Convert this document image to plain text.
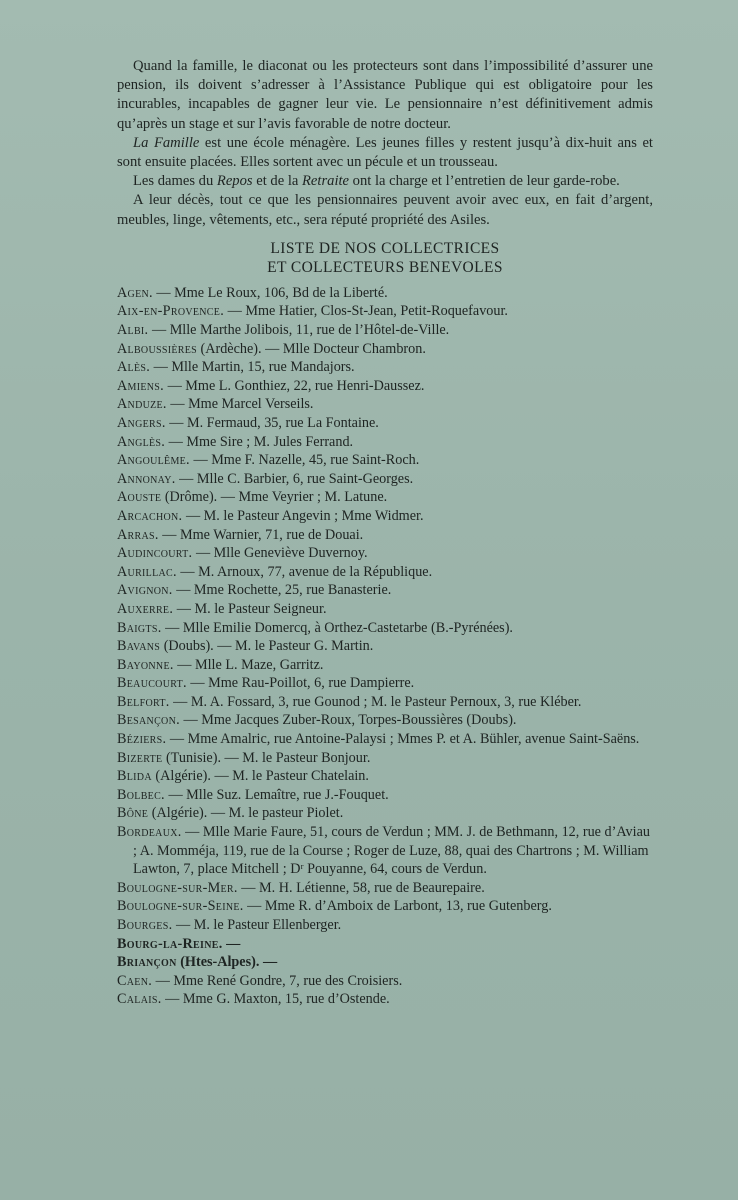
Quand la famille, le diaconat ou les protecteurs sont dans l’impossibilité d’assurer une pension, ils doivent s’adresser à l’Assistance Publique qui est obligatoire pour les incurables, incapables de gagner leur vie. Le pensionnaire n’est définitivement admis qu’après un stage et sur l’avis favorable de notre docteur.

La Famille est une école ménagère. Les jeunes filles y restent jusqu’à dix-huit ans et sont ensuite placées. Elles sortent avec un pécule et un trousseau.

Les dames du Repos et de la Retraite ont la charge et l’entretien de leur garde-robe.

A leur décès, tout ce que les pensionnaires peuvent avoir avec eux, en fait d’argent, meubles, linge, vêtements, etc., sera réputé propriété des Asiles.

LISTE DE NOS COLLECTRICES
ET COLLECTEURS BENEVOLES
Agen. — Mme Le Roux, 106, Bd de la Liberté.
Aix-en-Provence. — Mme Hatier, Clos-St-Jean, Petit-Roquefavour.
Albi. — Mlle Marthe Jolibois, 11, rue de l’Hôtel-de-Ville.
Alboussières (Ardèche). — Mlle Docteur Chambron.
Alès. — Mlle Martin, 15, rue Mandajors.
Amiens. — Mme L. Gonthiez, 22, rue Henri-Daussez.
Anduze. — Mme Marcel Verseils.
Angers. — M. Fermaud, 35, rue La Fontaine.
Anglès. — Mme Sire ; M. Jules Ferrand.
Angoulême. — Mme F. Nazelle, 45, rue Saint-Roch.
Annonay. — Mlle C. Barbier, 6, rue Saint-Georges.
Aouste (Drôme). — Mme Veyrier ; M. Latune.
Arcachon. — M. le Pasteur Angevin ; Mme Widmer.
Arras. — Mme Warnier, 71, rue de Douai.
Audincourt. — Mlle Geneviève Duvernoy.
Aurillac. — M. Arnoux, 77, avenue de la République.
Avignon. — Mme Rochette, 25, rue Banasterie.
Auxerre. — M. le Pasteur Seigneur.
Baigts. — Mlle Emilie Domercq, à Orthez-Castetarbe (B.-Pyrénées).
Bavans (Doubs). — M. le Pasteur G. Martin.
Bayonne. — Mlle L. Maze, Garritz.
Beaucourt. — Mme Rau-Poillot, 6, rue Dampierre.
Belfort. — M. A. Fossard, 3, rue Gounod ; M. le Pasteur Pernoux, 3, rue Kléber.
Besançon. — Mme Jacques Zuber-Roux, Torpes-Boussières (Doubs).
Béziers. — Mme Amalric, rue Antoine-Palaysi ; Mmes P. et A. Bühler, avenue Saint-Saëns.
Bizerte (Tunisie). — M. le Pasteur Bonjour.
Blida (Algérie). — M. le Pasteur Chatelain.
Bolbec. — Mlle Suz. Lemaître, rue J.-Fouquet.
Bône (Algérie). — M. le pasteur Piolet.
Bordeaux. — Mlle Marie Faure, 51, cours de Verdun ; MM. J. de Bethmann, 12, rue d’Aviau ; A. Momméja, 119, rue de la Course ; Roger de Luze, 88, quai des Chartrons ; M. William Lawton, 7, place Mitchell ; Dʳ Pouyanne, 64, cours de Verdun.
Boulogne-sur-Mer. — M. H. Létienne, 58, rue de Beaurepaire.
Boulogne-sur-Seine. — Mme R. d’Amboix de Larbont, 13, rue Gutenberg.
Bourges. — M. le Pasteur Ellenberger.
Bourg-la-Reine. —
Briançon (Htes-Alpes). —
Caen. — Mme René Gondre, 7, rue des Croisiers.
Calais. — Mme G. Maxton, 15, rue d’Ostende.
